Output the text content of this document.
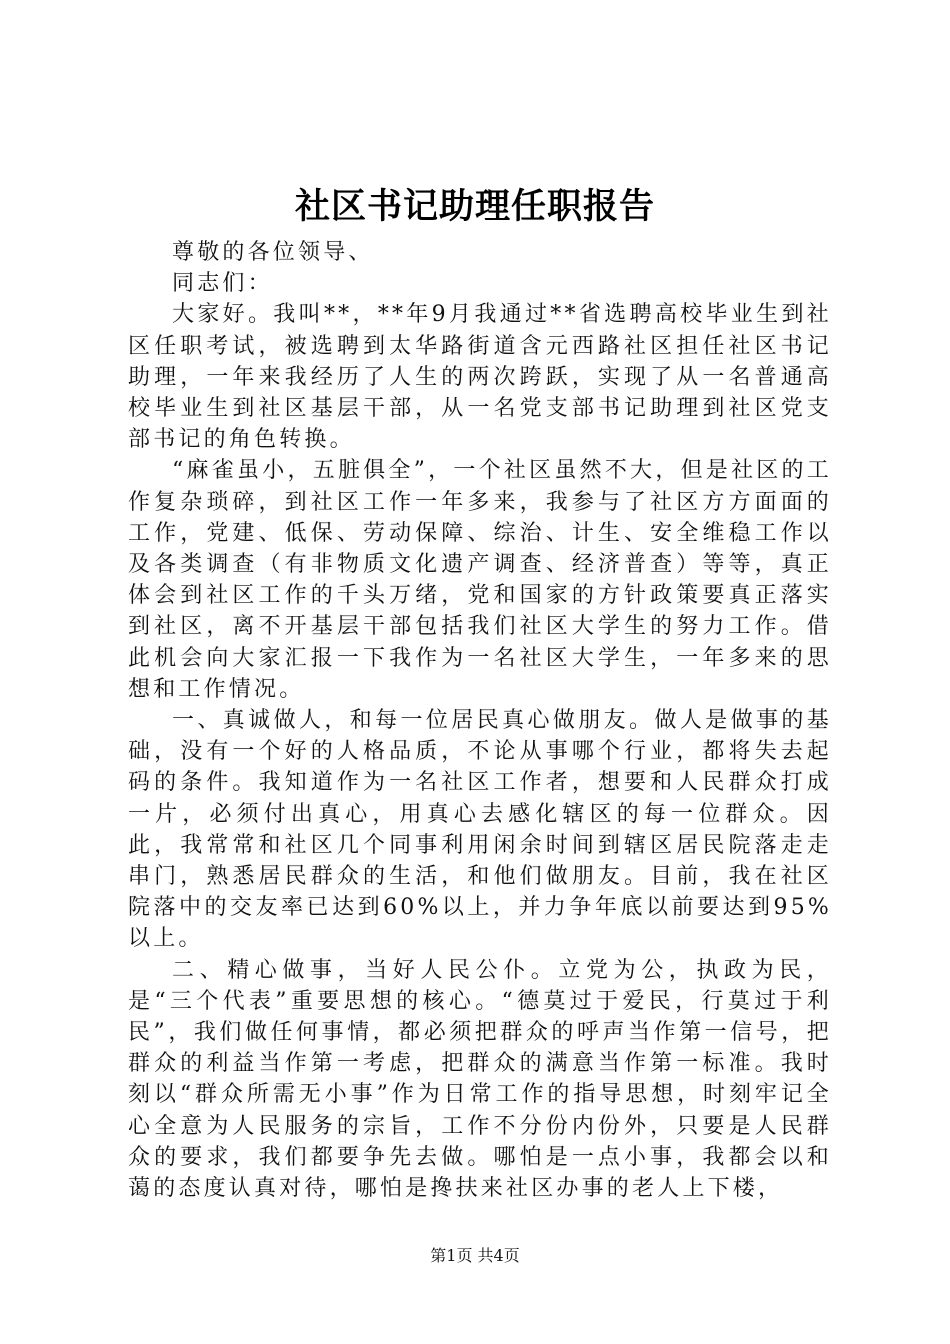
社区书记助理任职报告

尊敬的各位领导、

同志们：

大家好。我叫**，**年9月我通过**省选聘高校毕业生到社区任职考试，被选聘到太华路街道含元西路社区担任社区书记助理，一年来我经历了人生的两次跨跃，实现了从一名普通高校毕业生到社区基层干部，从一名党支部书记助理到社区党支部书记的角色转换。

“麻雀虽小，五脏俱全”，一个社区虽然不大，但是社区的工作复杂琐碎，到社区工作一年多来，我参与了社区方方面面的工作，党建、低保、劳动保障、综治、计生、安全维稳工作以及各类调查（有非物质文化遗产调查、经济普查）等等，真正体会到社区工作的千头万绪，党和国家的方针政策要真正落实到社区，离不开基层干部包括我们社区大学生的努力工作。借此机会向大家汇报一下我作为一名社区大学生，一年多来的思想和工作情况。

一、真诚做人，和每一位居民真心做朋友。做人是做事的基础，没有一个好的人格品质，不论从事哪个行业，都将失去起码的条件。我知道作为一名社区工作者，想要和人民群众打成一片，必须付出真心，用真心去感化辖区的每一位群众。因此，我常常和社区几个同事利用闲余时间到辖区居民院落走走串门，熟悉居民群众的生活，和他们做朋友。目前，我在社区院落中的交友率已达到60%以上，并力争年底以前要达到95%以上。

二、精心做事，当好人民公仆。立党为公，执政为民，是“三个代表”重要思想的核心。“德莫过于爱民，行莫过于利民”，我们做任何事情，都必须把群众的呼声当作第一信号，把群众的利益当作第一考虑，把群众的满意当作第一标准。我时刻以“群众所需无小事”作为日常工作的指导思想，时刻牢记全心全意为人民服务的宗旨，工作不分份内份外，只要是人民群众的要求，我们都要争先去做。哪怕是一点小事，我都会以和蔼的态度认真对待，哪怕是搀扶来社区办事的老人上下楼，

第1页 共4页
